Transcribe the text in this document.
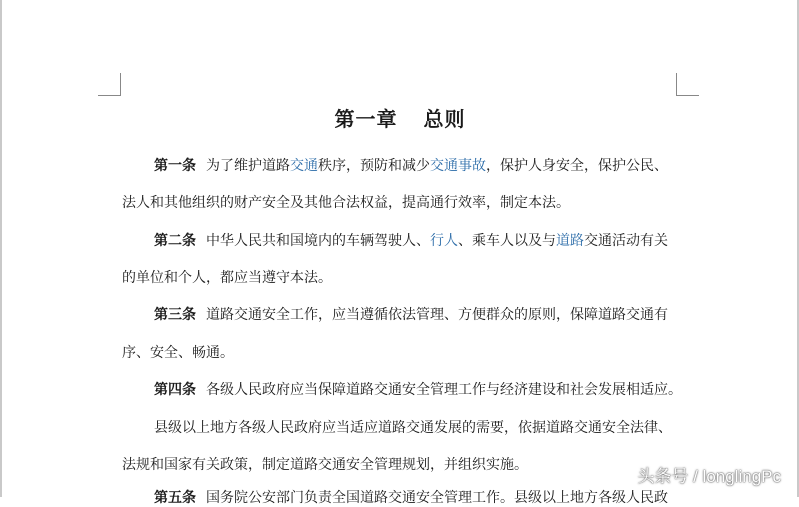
第一章 总则
第一条 为了维护道路交通秩序，预防和减少交通事故，保护人身安全，保护公民、
法人和其他组织的财产安全及其他合法权益，提高通行效率，制定本法。
第二条 中华人民共和国境内的车辆驾驶人、行人、乘车人以及与道路交通活动有关
的单位和个人，都应当遵守本法。
第三条 道路交通安全工作，应当遵循依法管理、方便群众的原则，保障道路交通有
序、安全、畅通。
第四条 各级人民政府应当保障道路交通安全管理工作与经济建设和社会发展相适应。
县级以上地方各级人民政府应当适应道路交通发展的需要，依据道路交通安全法律、
法规和国家有关政策，制定道路交通安全管理规划，并组织实施。
第五条 国务院公安部门负责全国道路交通安全管理工作。县级以上地方各级人民政
头条号 / longlingPc
